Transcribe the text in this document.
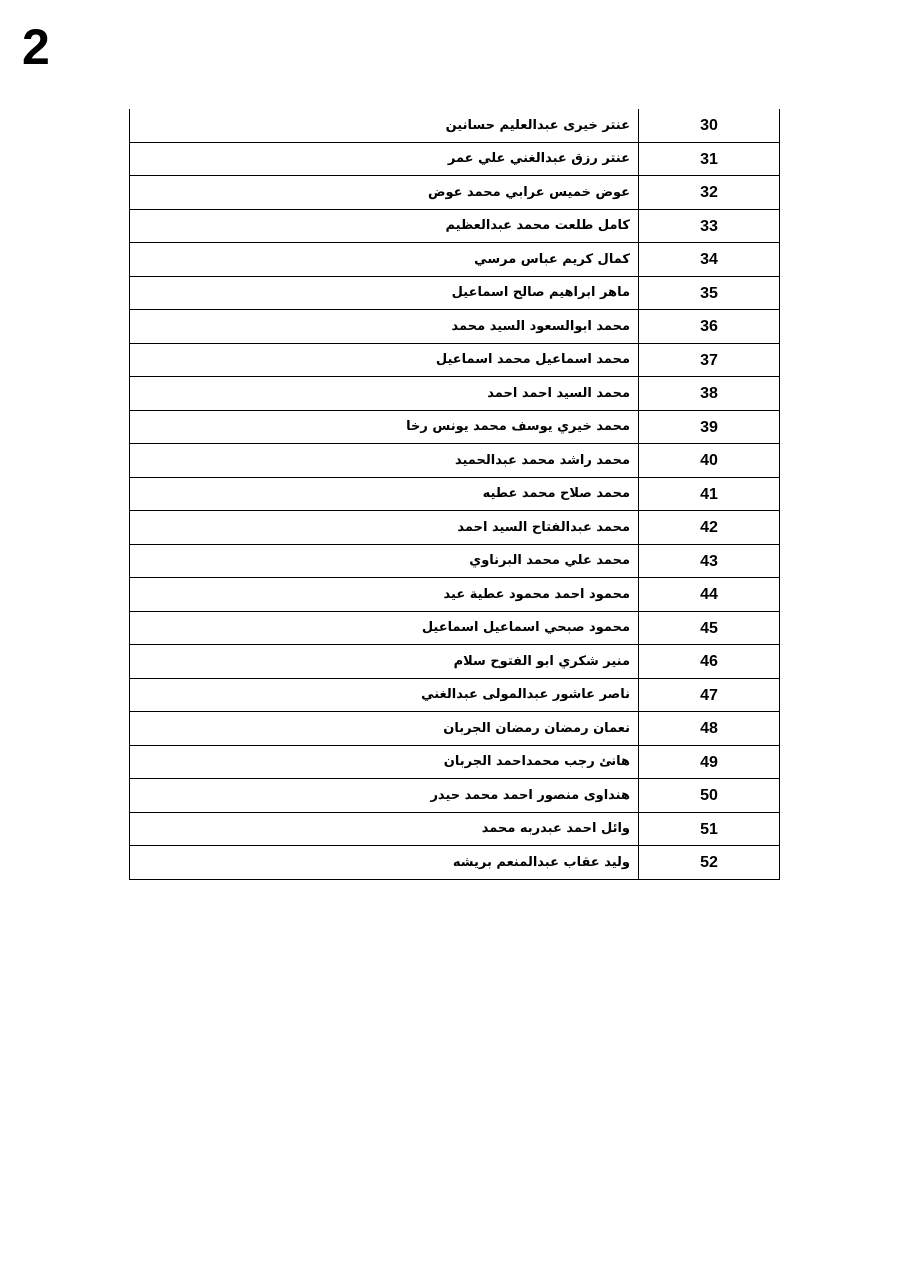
2
عنتر خيرى عبدالعليم حسانين	30
عنتر رزق عبدالغني علي عمر	31
عوض خميس عرابي محمد عوض	32
كامل طلعت محمد عبدالعظيم	33
كمال كريم عباس مرسي	34
ماهر ابراهيم صالح اسماعيل	35
محمد ابوالسعود السيد محمد	36
محمد اسماعيل محمد اسماعيل	37
محمد السيد احمد احمد	38
محمد خيري يوسف محمد يونس رخا	39
محمد راشد محمد عبدالحميد	40
محمد صلاح محمد عطيه	41
محمد عبدالفتاح السيد احمد	42
محمد علي محمد البرناوي	43
محمود احمد محمود عطية عيد	44
محمود صبحي اسماعيل اسماعيل	45
منير شكري ابو الفتوح سلام	46
ناصر عاشور عبدالمولى عبدالغني	47
نعمان رمضان رمضان الجربان	48
هانئ رجب محمداحمد الجربان	49
هنداوى منصور احمد محمد حيدر	50
وائل احمد عبدربه محمد	51
وليد عقاب عبدالمنعم بريشه	52
